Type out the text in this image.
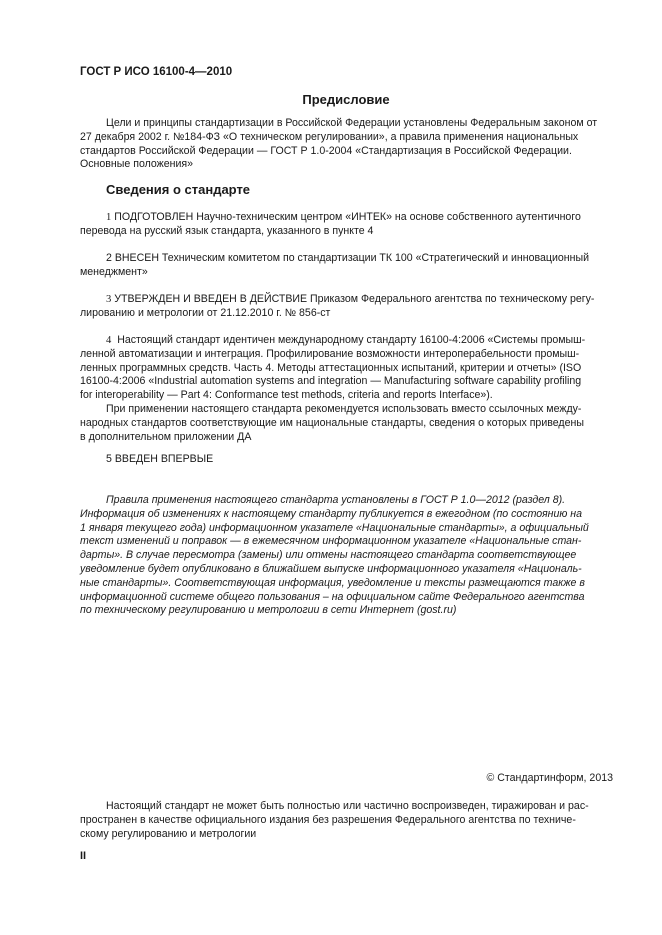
ГОСТ Р ИСО 16100-4—2010
Предисловие
Цели и принципы стандартизации в Российской Федерации установлены Федеральным законом от
27 декабря 2002 г. №184-ФЗ «О техническом регулировании», а правила применения национальных
стандартов Российской Федерации — ГОСТ Р 1.0-2004 «Стандартизация в Российской Федерации.
Основные положения»
Сведения о стандарте
1 ПОДГОТОВЛЕН Научно-техническим центром «ИНТЕК» на основе собственного аутентичного
перевода на русский язык стандарта, указанного в пункте 4
2 ВНЕСЕН Техническим комитетом по стандартизации ТК 100 «Стратегический и инновационный
менеджмент»
3 УТВЕРЖДЕН И ВВЕДЕН В ДЕЙСТВИЕ Приказом Федерального агентства по техническому регу-
лированию и метрологии от 21.12.2010 г. № 856-ст
4 Настоящий стандарт идентичен международному стандарту 16100-4:2006 «Системы промыш-
ленной автоматизации и интеграция. Профилирование возможности интероперабельности промыш-
ленных программных средств. Часть 4. Методы аттестационных испытаний, критерии и отчеты» (ISO
16100-4:2006 «Industrial automation systems and integration — Manufacturing software capability profiling
for interoperability — Part 4: Conformance test methods, criteria and reports Interface»).
При применении настоящего стандарта рекомендуется использовать вместо ссылочных между-
народных стандартов соответствующие им национальные стандарты, сведения о которых приведены
в дополнительном приложении ДА
5 ВВЕДЕН ВПЕРВЫЕ
Правила применения настоящего стандарта установлены в ГОСТ Р 1.0—2012 (раздел 8).
Информация об изменениях к настоящему стандарту публикуется в ежегодном (по состоянию на
1 января текущего года) информационном указателе «Национальные стандарты», а официальный
текст изменений и поправок — в ежемесячном информационном указателе «Национальные стан-
дарты». В случае пересмотра (замены) или отмены настоящего стандарта соответствующее
уведомление будет опубликовано в ближайшем выпуске информационного указателя «Националь-
ные стандарты». Соответствующая информация, уведомление и тексты размещаются также в
информационной системе общего пользования – на официальном сайте Федерального агентства
по техническому регулированию и метрологии в сети Интернет (gost.ru)
© Стандартинформ, 2013
Настоящий стандарт не может быть полностью или частично воспроизведен, тиражирован и рас-
пространен в качестве официального издания без разрешения Федерального агентства по техниче-
скому регулированию и метрологии
II
